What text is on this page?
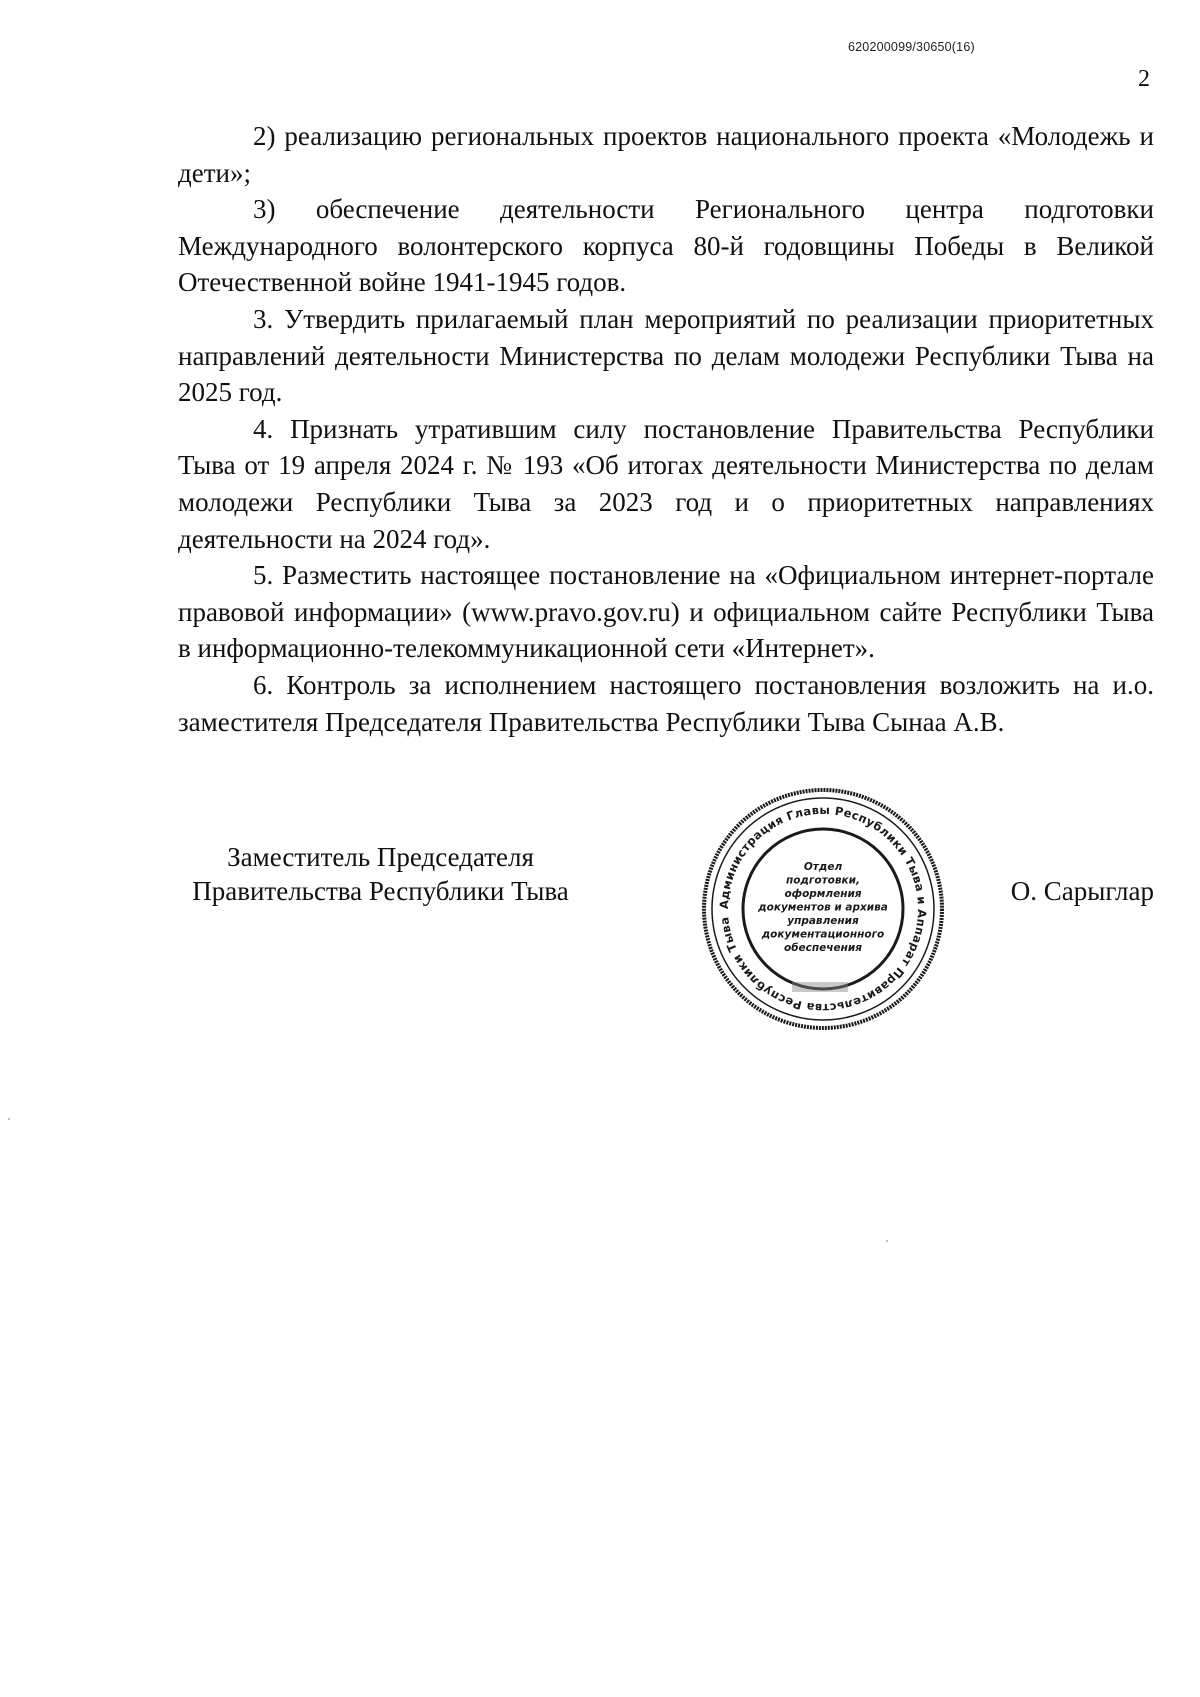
620200099/30650(16)
2

2) реализацию региональных проектов национального проекта «Молодежь и дети»;

3) обеспечение деятельности Регионального центра подготовки Международного волонтерского корпуса 80-й годовщины Победы в Великой Отечественной войне 1941-1945 годов.

3. Утвердить прилагаемый план мероприятий по реализации приоритетных направлений деятельности Министерства по делам молодежи Республики Тыва на 2025 год.

4. Признать утратившим силу постановление Правительства Республики Тыва от 19 апреля 2024 г. № 193 «Об итогах деятельности Министерства по делам молодежи Республики Тыва за 2023 год и о приоритетных направлениях деятельности на 2024 год».

5. Разместить настоящее постановление на «Официальном интернет-портале правовой информации» (www.pravo.gov.ru) и официальном сайте Республики Тыва в информационно-телекоммуникационной сети «Интернет».

6. Контроль за исполнением настоящего постановления возложить на и.о. заместителя Председателя Правительства Республики Тыва Сынаа А.В.

Заместитель Председателя
Правительства Республики Тыва	Администрация Главы Республики Тыва и Аппарат Правительства Республики Тыва
Отдел
подготовки,
оформления
документов и архива
управления
документационного
обеспечения
О. Сарыглар
